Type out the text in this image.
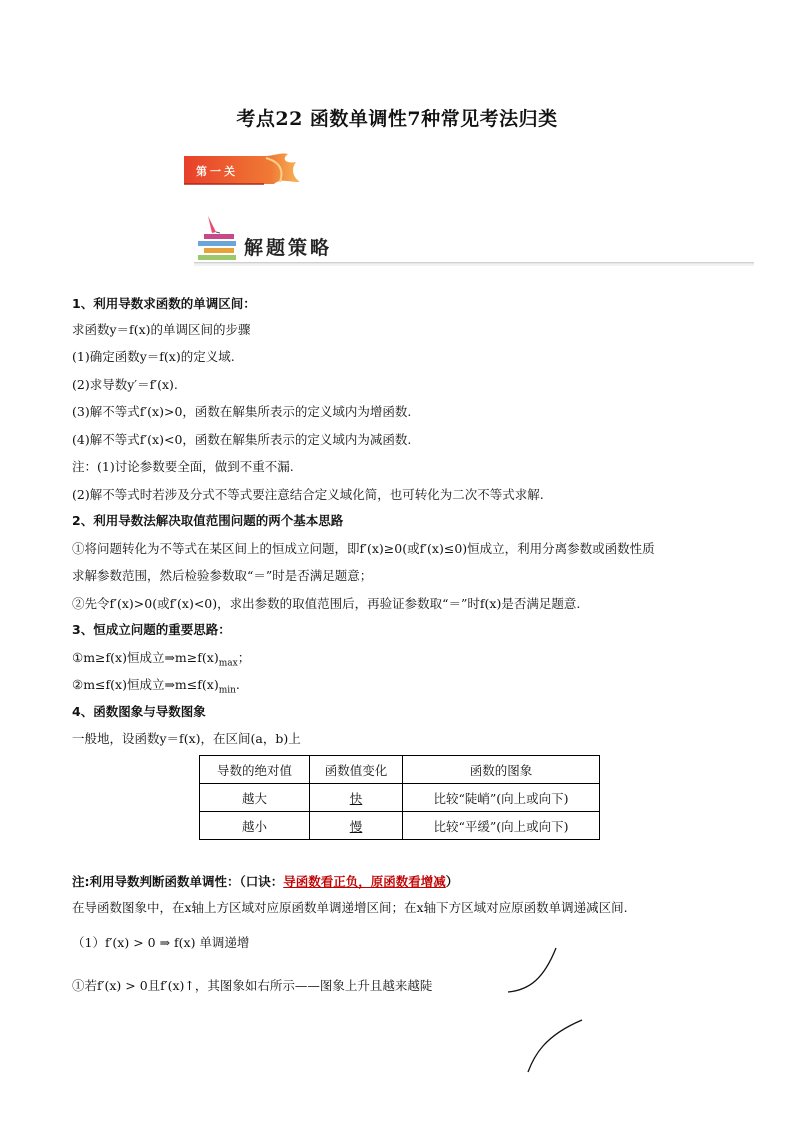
考点22 函数单调性7种常见考法归类
第一关
解题策略
1、利用导数求函数的单调区间：
求函数y＝f(x)的单调区间的步骤
(1)确定函数y＝f(x)的定义域.
(2)求导数y′＝f′(x).
(3)解不等式f′(x)>0，函数在解集所表示的定义域内为增函数.
(4)解不等式f′(x)<0，函数在解集所表示的定义域内为减函数.
注：(1)讨论参数要全面，做到不重不漏.
(2)解不等式时若涉及分式不等式要注意结合定义域化简，也可转化为二次不等式求解.
2、利用导数法解决取值范围问题的两个基本思路
①将问题转化为不等式在某区间上的恒成立问题，即f′(x)≥0(或f′(x)≤0)恒成立，利用分离参数或函数性质
求解参数范围，然后检验参数取“＝”时是否满足题意；
②先令f′(x)>0(或f′(x)<0)，求出参数的取值范围后，再验证参数取“＝”时f(x)是否满足题意.
3、恒成立问题的重要思路：
①m≥f(x)恒成立$\Rightarrow m\ge f(x)_{max}$；
②m≤f(x)恒成立$\Rightarrow m\le f(x)_{min}$.
4、函数图象与导数图象
一般地，设函数y＝f(x)，在区间(a，b)上
导数的绝对值	函数值变化	函数的图象
越大	快	比较“陡峭”(向上或向下)
越小	慢	比较“平缓”(向上或向下)
注:利用导数判断函数单调性：（口诀：导函数看正负，原函数看增减）
在导函数图象中，在x轴上方区域对应原函数单调递增区间；在x轴下方区域对应原函数单调递减区间.
（1）f′(x) > 0 ⇒ f(x) 单调递增
①若f′(x) > 0且f′(x)↑，其图象如右所示——图象上升且越来越陡
